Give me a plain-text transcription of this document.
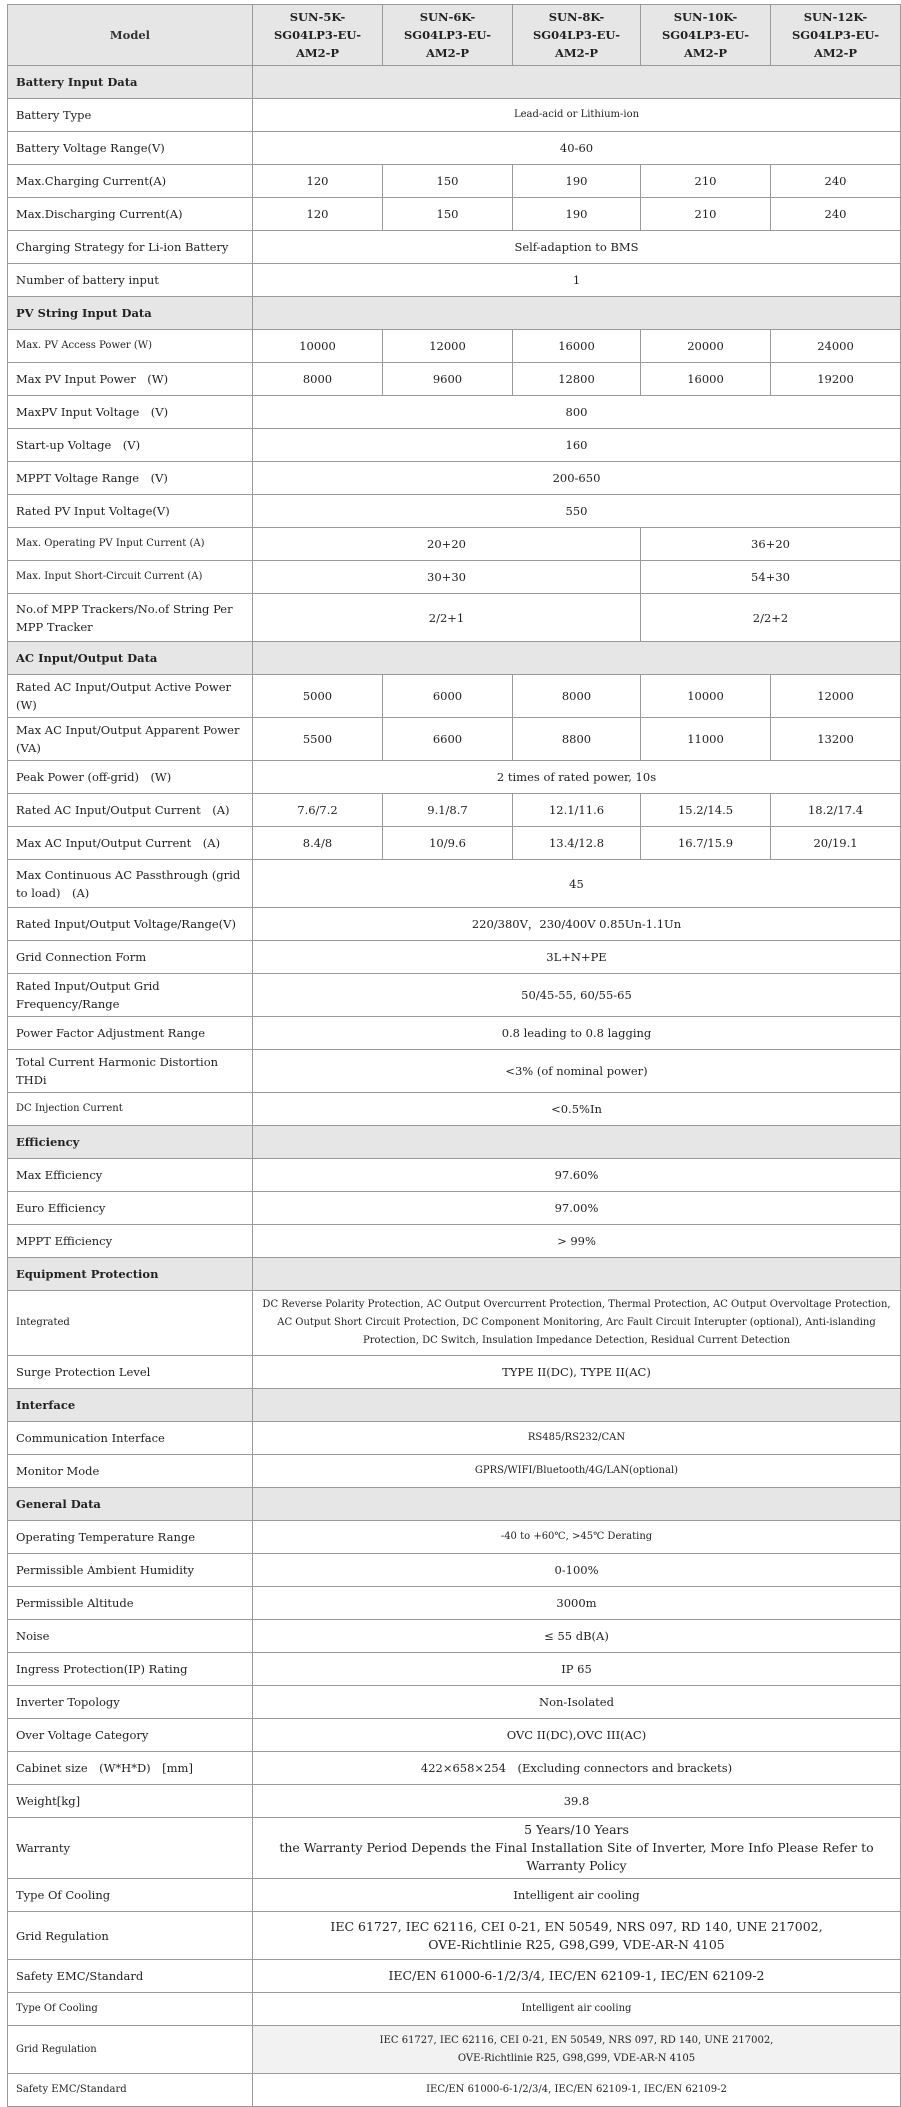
Model	SUN-5K-SG04LP3-EU-AM2-P	SUN-6K-SG04LP3-EU-AM2-P	SUN-8K-SG04LP3-EU-AM2-P	SUN-10K-SG04LP3-EU-AM2-P	SUN-12K-SG04LP3-EU-AM2-P
Battery Input Data					
Battery Type	Lead-acid or Lithium-ion				
Battery Voltage Range(V)	40-60				
Max.Charging Current(A)	120	150	190	210	240
Max.Discharging Current(A)	120	150	190	210	240
Charging Strategy for Li-ion Battery	Self-adaption to BMS				
Number of battery input	1				
PV String Input Data					
Max. PV Access Power (W)	10000	12000	16000	20000	24000
Max PV Input Power　(W)	8000	9600	12800	16000	19200
MaxPV Input Voltage　(V)	800				
Start-up Voltage　(V)	160				
MPPT Voltage Range　(V)	200-650				
Rated PV Input Voltage(V)	550				
Max. Operating PV Input Current (A)	20+20			36+20	
Max. Input Short-Circuit Current (A)	30+30			54+30	
No.of MPP Trackers/No.of String Per MPP Tracker	2/2+1			2/2+2	
AC Input/Output Data					
Rated AC Input/Output Active Power　(W)	5000	6000	8000	10000	12000
Max AC Input/Output Apparent Power　(VA)	5500	6600	8800	11000	13200
Peak Power (off-grid)　(W)	2 times of rated power, 10s				
Rated AC Input/Output Current　(A)	7.6/7.2	9.1/8.7	12.1/11.6	15.2/14.5	18.2/17.4
Max AC Input/Output Current　(A)	8.4/8	10/9.6	13.4/12.8	16.7/15.9	20/19.1
Max Continuous AC Passthrough (grid to load)　(A)	45				
Rated Input/Output Voltage/Range(V)	220/380V，230/400V 0.85Un-1.1Un				
Grid Connection Form	3L+N+PE				
Rated Input/Output Grid Frequency/Range	50/45-55, 60/55-65				
Power Factor Adjustment Range	0.8 leading to 0.8 lagging				
Total Current Harmonic Distortion THDi	<3% (of nominal power)				
DC Injection Current	<0.5%In				
Efficiency					
Max Efficiency	97.60%				
Euro Efficiency	97.00%				
MPPT Efficiency	> 99%				
Equipment Protection					
Integrated	DC Reverse Polarity Protection, AC Output Overcurrent Protection, Thermal Protection, AC Output Overvoltage Protection, AC Output Short Circuit Protection, DC Component Monitoring, Arc Fault Circuit Interupter (optional), Anti-islanding Protection, DC Switch, Insulation Impedance Detection, Residual Current Detection				
Surge Protection Level	TYPE II(DC), TYPE II(AC)				
Interface					
Communication Interface	RS485/RS232/CAN				
Monitor Mode	GPRS/WIFI/Bluetooth/4G/LAN(optional)				
General Data					
Operating Temperature Range	-40 to +60℃, >45℃ Derating				
Permissible Ambient Humidity	0-100%				
Permissible Altitude	3000m				
Noise	≤ 55 dB(A)				
Ingress Protection(IP) Rating	IP 65				
Inverter Topology	Non-Isolated				
Over Voltage Category	OVC II(DC),OVC III(AC)				
Cabinet size　(W*H*D)　[mm]	422×658×254　(Excluding connectors and brackets)				
Weight[kg]	39.8				
Warranty	5 Years/10 Years
the Warranty Period Depends the Final Installation Site of Inverter, More Info Please Refer to Warranty Policy				
Type Of Cooling	Intelligent air cooling				
Grid Regulation	IEC 61727, IEC 62116, CEI 0-21, EN 50549, NRS 097, RD 140, UNE 217002,
OVE-Richtlinie R25, G98,G99, VDE-AR-N 4105				
Safety EMC/Standard	IEC/EN 61000-6-1/2/3/4, IEC/EN 62109-1, IEC/EN 62109-2				
Type Of Cooling	Intelligent air cooling				
Grid Regulation	IEC 61727, IEC 62116, CEI 0-21, EN 50549, NRS 097, RD 140, UNE 217002,
OVE-Richtlinie R25, G98,G99, VDE-AR-N 4105				
Safety EMC/Standard	IEC/EN 61000-6-1/2/3/4, IEC/EN 62109-1, IEC/EN 62109-2				
